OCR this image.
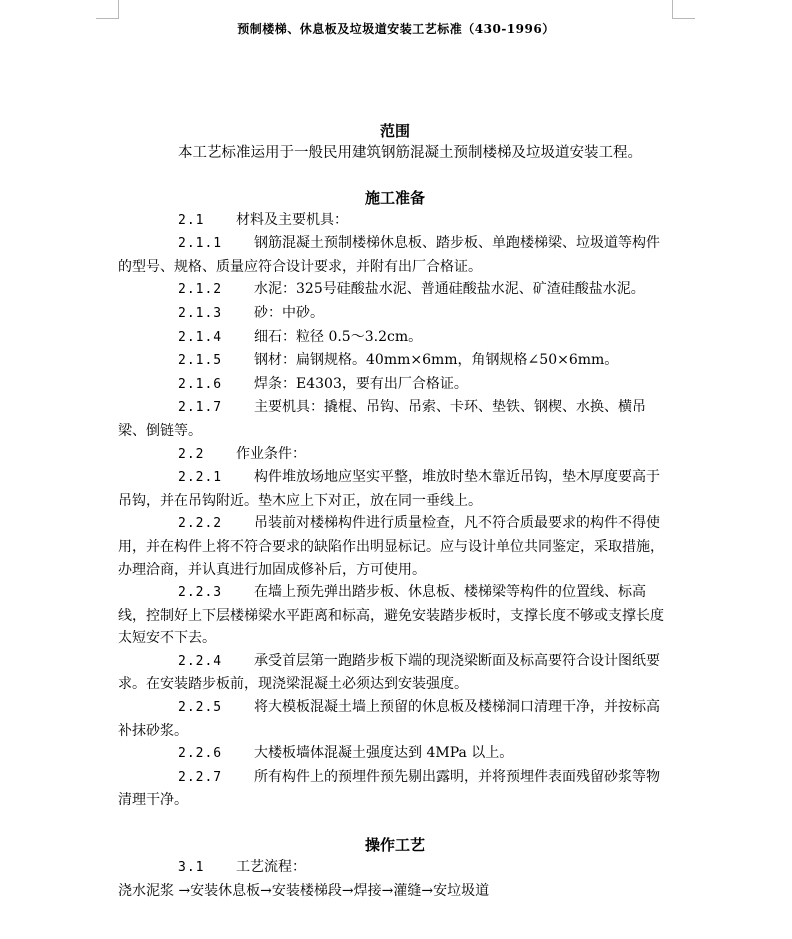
预制楼梯、休息板及垃圾道安装工艺标准（430-1996）
范围

本工艺标准运用于一般民用建筑钢筋混凝土预制楼梯及垃圾道安装工程。

施工准备

2.1 材料及主要机具：

2.1.1 钢筋混凝土预制楼梯休息板、踏步板、单跑楼梯梁、垃圾道等构件的型号、规格、质量应符合设计要求，并附有出厂合格证。

2.1.2 水泥：325号硅酸盐水泥、普通硅酸盐水泥、矿渣硅酸盐水泥。

2.1.3 砂：中砂。

2.1.4 细石：粒径 0.5～3.2cm。

2.1.5 钢材：扁钢规格。40mm×6mm，角钢规格∠50×6mm。

2.1.6 焊条：E4303，要有出厂合格证。

2.1.7 主要机具：撬棍、吊钩、吊索、卡环、垫铁、钢楔、水换、横吊梁、倒链等。

2.2 作业条件：

2.2.1 构件堆放场地应坚实平整，堆放时垫木靠近吊钩，垫木厚度要高于吊钩，并在吊钩附近。垫木应上下对正，放在同一垂线上。

2.2.2 吊装前对楼梯构件进行质量检查，凡不符合质最要求的构件不得使用，并在构件上将不符合要求的缺陷作出明显标记。应与设计单位共同鉴定，采取措施，办理洽商，并认真进行加固成修补后，方可使用。

2.2.3 在墙上预先弹出踏步板、休息板、楼梯梁等构件的位置线、标高线，控制好上下层楼梯梁水平距离和标高，避免安装踏步板时，支撑长度不够或支撑长度太短安不下去。

2.2.4 承受首层第一跑踏步板下端的现浇梁断面及标高要符合设计图纸要求。在安装踏步板前，现浇梁混凝土必须达到安装强度。

2.2.5 将大模板混凝土墙上预留的休息板及楼梯洞口清理干净，并按标高补抹砂浆。

2.2.6 大楼板墙体混凝土强度达到 4MPa 以上。

2.2.7 所有构件上的预埋件预先剔出露明，并将预埋件表面残留砂浆等物清理干净。

操作工艺

3.1 工艺流程：

浇水泥浆 →安装休息板→安装楼梯段→焊接→灌缝→安垃圾道
